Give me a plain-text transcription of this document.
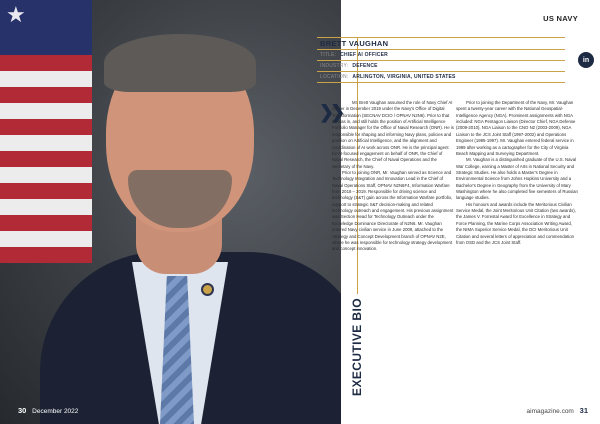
★
30 December 2022
US NAVY
in
EXECUTIVE BIO
BRETT VAUGHAN
TITLE: CHIEF AI OFFICER
INDUSTRY: DEFENCE
LOCATION: ARLINGTON, VIRGINIA, UNITED STATES
❯❯	Mr. Brett Vaughan assumed the role of Navy Chief AI Officer in December 2019 under the Navy's Office of Digital Transformation (SECNAV DCIO / OPNAV N2N6). Prior to that he was in, and still holds the position of Artificial Intelligence Portfolio Manager for the Office of Naval Research (ONR). He is responsible for shaping and informing Navy plans, policies and position on Artificial Intelligence, and the alignment and coordination of AI work across ONR. He is the principal agent for AI-focused engagement on behalf of ONR, the Chief of Naval Research, the Chief of Naval Operations and the Secretary of the Navy.

Prior to joining ONR, Mr. Vaughan served as Science and Technology Integration and Innovation Lead in the Chief of Naval Operations Staff, OPNAV N2N6F4, Information Warfare from 2018 – 2019. Responsible for driving science and technology (S&T) gain across the Information Warfare portfolio, support to strategic S&T decision-making and related technology outreach and engagement. His previous assignment was Section Head for Technology Outreach under the Knowledge Dominance Directorate of N2N6. Mr. Vaughan entered Navy civilian service in June 2009, attached to the Strategy and Concept Development branch of OPNAV N2E, where he was responsible for technology strategy development and concept innovation.

Prior to joining the Department of the Navy, Mr. Vaughan spent a twenty-year career with the National Geospatial-Intelligence Agency (NGA). Prominent assignments with NGA included: NGA Pentagon Liaison (Director Chief, NGA Defense (2009-2010), NGA Liaison to the CNO N2 (2003-2009), NGA Liaison to the JCS Joint Staff (1997-2002) and Operations Engineer (1995-1997). Mr. Vaughan entered federal service in 1989 after working as a cartographer for the City of Virginia Beach Mapping and Surveying Department.

Mr. Vaughan is a distinguished graduate of the U.S. Naval War College, earning a Master of Arts in National Security and Strategic Studies. He also holds a Master's Degree in Environmental Science from Johns Hopkins University and a Bachelor's Degree in Geography from the University of Mary Washington where he also completed five semesters of Russian language studies.

His honours and awards include the Meritorious Civilian Service Medal, the Joint Meritorious Unit Citation (two awards), the James V. Forrestal Award for Excellence in Strategy and Force Planning, the Marine Corps Association Writing Award, the NIMA Superior Service Medal, the DCI Meritorious Unit Citation and several letters of appreciation and commendation from OSD and the JCS Joint Staff.

aimagazine.com 31
